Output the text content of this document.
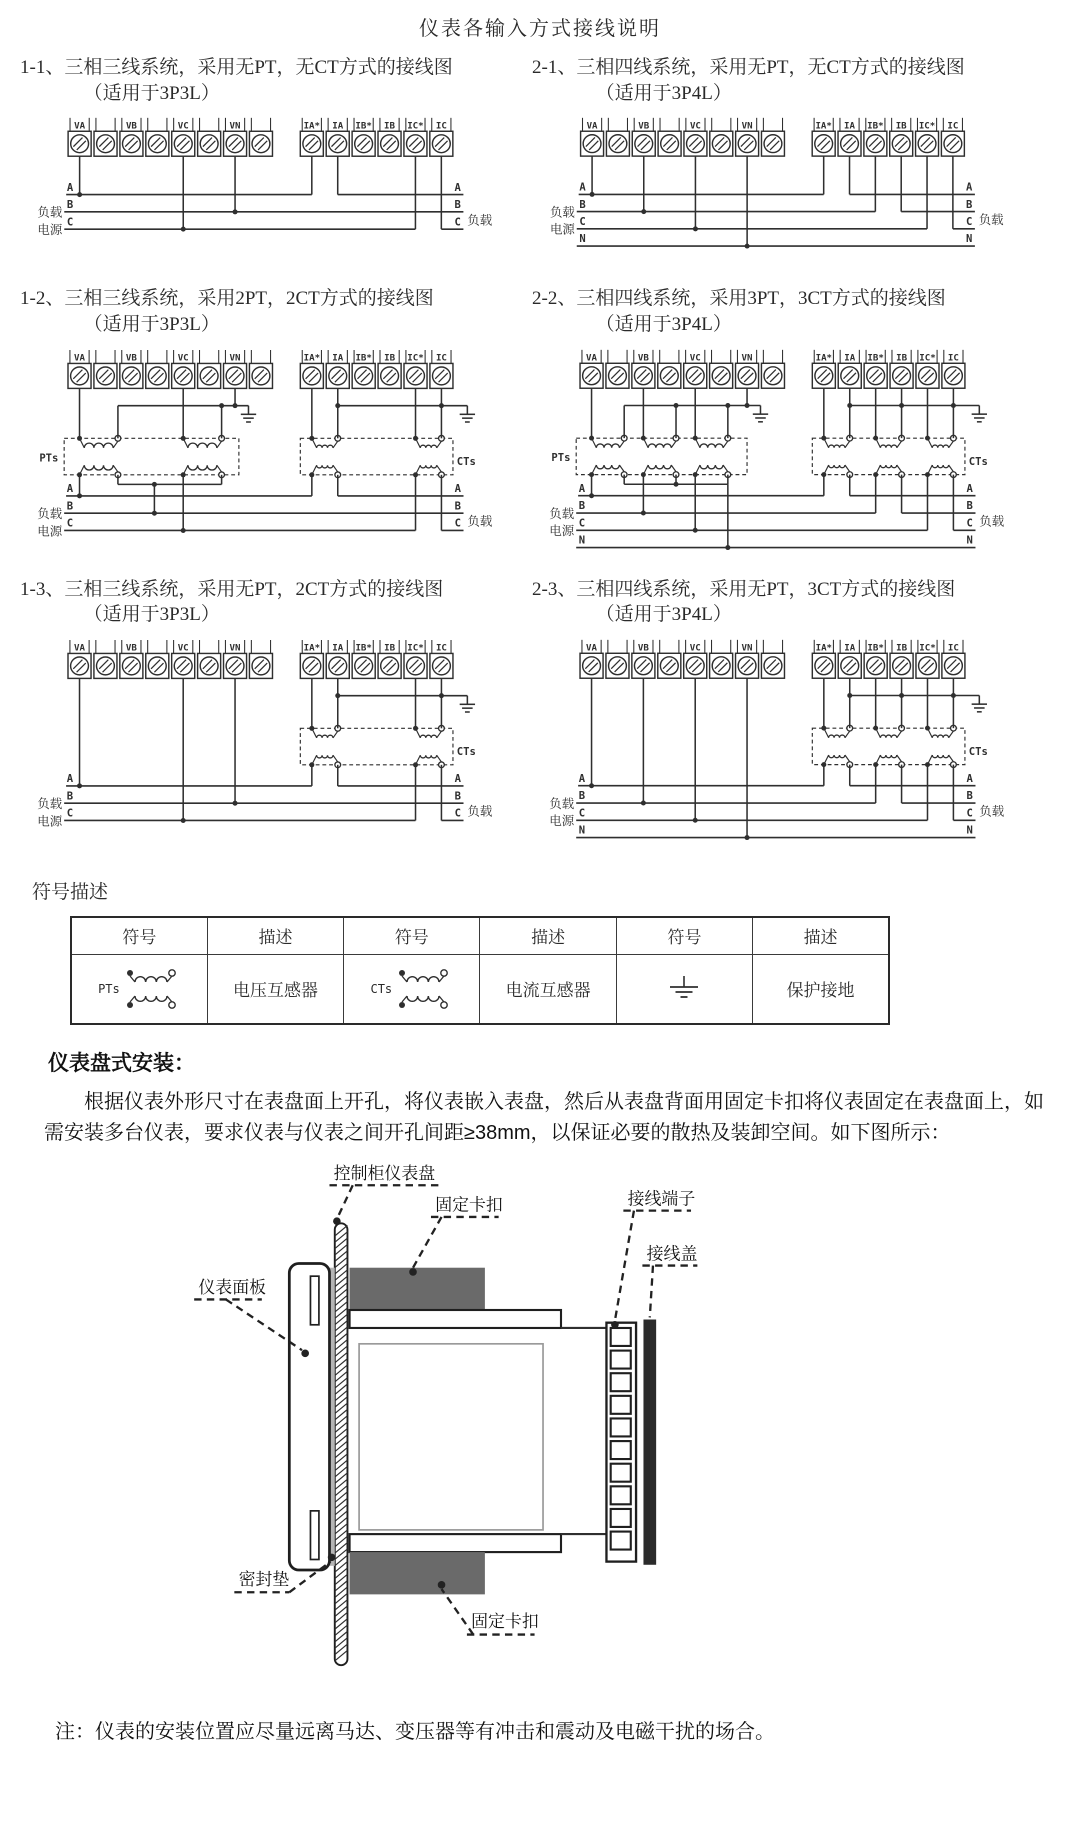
仪表各输入方式接线说明
1-1、三相三线系统，采用无PT，无CT方式的接线图
（适用于3P3L）
VA	VB	VC	VN	IA* IA IB* IB IC* IC
A	A
B	B
C	C
负载
电源
负载
2-1、三相四线系统，采用无PT，无CT方式的接线图
（适用于3P4L）
VA	VB	VC	VN	IA* IA IB* IB IC* IC
A	A
B	B
C	C
N	N
负载
电源
负载
1-2、三相三线系统，采用2PT，2CT方式的接线图
（适用于3P3L）
VA	VB	VC	VN	IA* IA IB* IB IC* IC
A	A
B	B
C	C
负载
电源
负载
PTs	CTs
2-2、三相四线系统，采用3PT，3CT方式的接线图
（适用于3P4L）
VA	VB	VC	VN	IA* IA IB* IB IC* IC
A	A
B	B
C	C
N	N
负载
电源
负载
PTs	CTs
1-3、三相三线系统，采用无PT，2CT方式的接线图
（适用于3P3L）
VA	VB	VC	VN	IA* IA IB* IB IC* IC
A	A
B	B
C	C
负载
电源
负载
CTs
2-3、三相四线系统，采用无PT，3CT方式的接线图
（适用于3P4L）
VA	VB	VC	VN	IA* IA IB* IB IC* IC
A	A
B	B
C	C
N	N
负载
电源
负载
CTs
符号描述
符号	描述	符号	描述	符号	描述

PTs	电压互感器	CTs	电流互感器		保护接地
仪表盘式安装：

根据仪表外形尺寸在表盘面上开孔，将仪表嵌入表盘，然后从表盘背面用固定卡扣将仪表固定在表盘面上，如需安装多台仪表，要求仪表与仪表之间开孔间距≥38mm，以保证必要的散热及装卸空间。如下图所示：

控制柜仪表盘
固定卡扣	接线端子
接线盖
仪表面板
密封垫
固定卡扣

注：仪表的安装位置应尽量远离马达、变压器等有冲击和震动及电磁干扰的场合。
